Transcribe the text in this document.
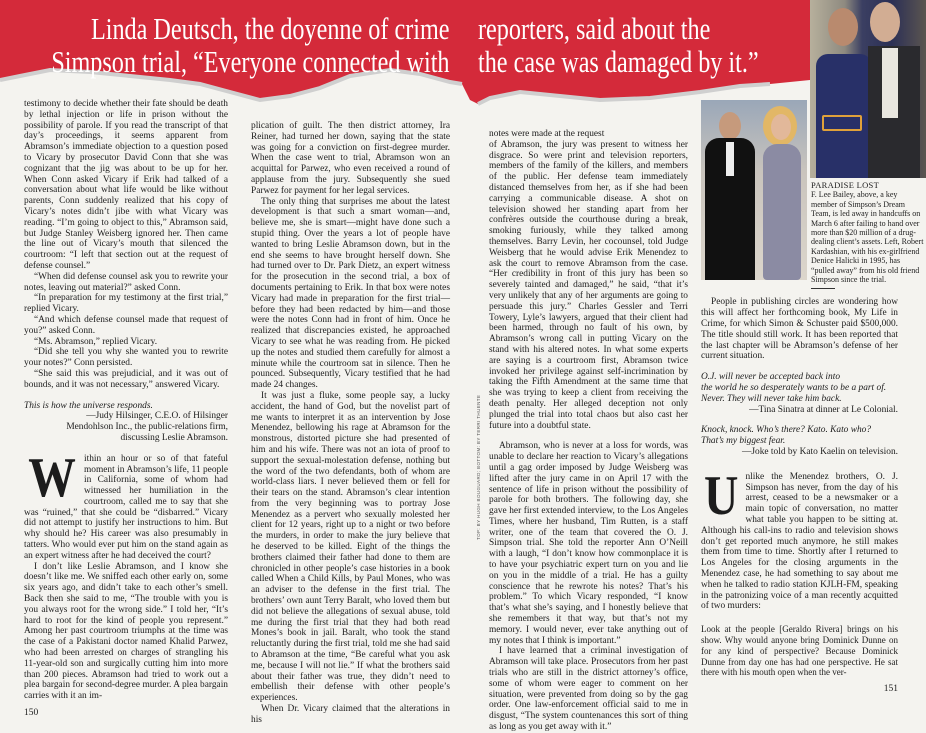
Linda Deutsch, the doyenne of crime
Simpson trial, “Everyone connected with
reporters, said about the
the case was damaged by it.”

testimony to decide whether their fate should be death by lethal injection or life in prison without the possibility of parole. If you read the transcript of that day’s proceedings, it seems apparent from Abramson’s immediate objection to a question posed to Vicary by prosecutor David Conn that she was cognizant that the jig was about to be up for her. When Conn asked Vicary if Erik had talked of a conversation about what life would be like without parents, Conn suddenly realized that his copy of Vicary’s notes didn’t jibe with what Vicary was reading. “I’m going to object to this,” Abramson said, but Judge Stanley Weisberg ignored her. Then came the line out of Vicary’s mouth that silenced the courtroom: “I left that section out at the request of defense counsel.”

“When did defense counsel ask you to rewrite your notes, leaving out material?” asked Conn.

“In preparation for my testimony at the first trial,” replied Vicary.

“And which defense counsel made that request of you?” asked Conn.

“Ms. Abramson,” replied Vicary.

“Did she tell you why she wanted you to rewrite your notes?” Conn persisted.

“She said this was prejudicial, and it was out of bounds, and it was not necessary,” answered Vicary.

This is how the universe responds.

—Judy Hilsinger, C.E.O. of Hilsinger

Mendohlson Inc., the public-relations firm,

discussing Leslie Abramson.

Within an hour or so of that fateful moment in Abramson’s life, 11 people in California, some of whom had witnessed her humiliation in the courtroom, called me to say that she was “ruined,” that she could be “disbarred.” Vicary did not attempt to justify her instructions to him. But why should he? His career was also presumably in tatters. Who would ever put him on the stand again as an expert witness after he had deceived the court?

I don’t like Leslie Abramson, and I know she doesn’t like me. We sniffed each other early on, some six years ago, and didn’t take to each other’s smell. Back then she said to me, “The trouble with you is you always root for the wrong side.” I told her, “It’s hard to root for the kind of people you represent.” Among her past courtroom triumphs at the time was the case of a Pakistani doctor named Khalid Parwez, who had been arrested on charges of strangling his 11-year-old son and surgically cutting him into more than 200 pieces. Abramson had tried to work out a plea bargain for second-degree murder. A plea bargain carries with it an im-

150

plication of guilt. The then district attorney, Ira Reiner, had turned her down, saying that the state was going for a conviction on first-degree murder. When the case went to trial, Abramson won an acquittal for Parwez, who even received a round of applause from the jury. Subsequently she sued Parwez for payment for her legal services.

The only thing that surprises me about the latest development is that such a smart woman—and, believe me, she is smart—might have done such a stupid thing. Over the years a lot of people have wanted to bring Leslie Abramson down, but in the end she seems to have brought herself down. She had turned over to Dr. Park Dietz, an expert witness for the prosecution in the second trial, a box of documents pertaining to Erik. In that box were notes Vicary had made in preparation for the first trial—before they had been redacted by him—and those were the notes Conn had in front of him. Once he realized that discrepancies existed, he approached Vicary to see what he was reading from. He picked up the notes and studied them carefully for almost a minute while the courtroom sat in silence. Then he pounced. Subsequently, Vicary testified that he had made 24 changes.

It was just a fluke, some people say, a lucky accident, the hand of God, but the novelist part of me wants to interpret it as an intervention by Jose Menendez, bellowing his rage at Abramson for the monstrous, distorted picture she had presented of him and his wife. There was not an iota of proof to support the sexual-molestation defense, nothing but the word of the two defendants, both of whom are world-class liars. I never believed them or fell for their tears on the stand. Abramson’s clear intention from the very beginning was to portray Jose Menendez as a pervert who sexually molested her client for 12 years, right up to a night or two before the murders, in order to make the jury believe that he deserved to be killed. Eight of the things the brothers claimed their father had done to them are chronicled in other people’s case histories in a book called When a Child Kills, by Paul Mones, who was an adviser to the defense in the first trial. The brothers’ own aunt Terry Baralt, who loved them but did not believe the allegations of sexual abuse, told me during the first trial that they had both read Mones’s book in jail. Baralt, who took the stand reluctantly during the first trial, told me she had said to Abramson at the time, “Be careful what you ask me, because I will not lie.” If what the brothers said about their father was true, they didn’t need to embellish their defense with other people’s experiences.

When Dr. Vicary claimed that the alterations in his

notes were made at the request

of Abramson, the jury was present to witness her disgrace. So were print and television reporters, members of the family of the killers, and members of the public. Her defense team immediately distanced themselves from her, as if she had been carrying a communicable disease. A shot on television showed her standing apart from her confrères outside the courthouse during a break, smoking furiously, while they talked among themselves. Barry Levin, her cocounsel, told Judge Weisberg that he would advise Erik Menendez to ask the court to remove Abramson from the case. “Her credibility in front of this jury has been so severely tainted and damaged,” he said, “that it’s very unlikely that any of her arguments are going to persuade this jury.” Charles Gessler and Terri Towery, Lyle’s lawyers, argued that their client had been harmed, through no fault of his own, by Abramson’s wrong call in putting Vicary on the stand with his altered notes. In what some experts are saying is a courtroom first, Abramson twice invoked her privilege against self-incrimination by taking the Fifth Amendment at the same time that she was trying to keep a client from receiving the death penalty. Her alleged deception not only plunged the trial into total chaos but also cast her future into a doubtful state.

Abramson, who is never at a loss for words, was unable to declare her reaction to Vicary’s allegations until a gag order imposed by Judge Weisberg was lifted after the jury came in on April 17 with the sentence of life in prison without the possibility of parole for both brothers. The following day, she gave her first extended interview, to the Los Angeles Times, where her husband, Tim Rutten, is a staff writer, one of the team that covered the O. J. Simpson trial. She told the reporter Ann O’Neill with a laugh, “I don’t know how commonplace it is to have your psychiatric expert turn on you and lie on you in the middle of a trial. He has a guilty conscience that he rewrote his notes? That’s his problem.” To which Vicary responded, “I know that’s what she’s saying, and I honestly believe that she remembers it that way, but that’s not my memory. I would never, ever take anything out of my notes that I think is important.”

I have learned that a criminal investigation of Abramson will take place. Prosecutors from her past trials who are still in the district attorney’s office, some of whom were eager to comment on her situation, were prevented from doing so by the gag order. One law-enforcement official said to me in disgust, “The system countenances this sort of thing as long as you get away with it.”

TOP: BY HUGH BOUGUARD; BOTTOM: BY TERRI THUENTE
PARADISE LOST
F. Lee Bailey, above, a key member of Simpson’s Dream Team, is led away in handcuffs on March 6 after failing to hand over more than $20 million of a drug-dealing client’s assets. Left, Robert Kardashian, with his ex-girlfriend Denice Halicki in 1995, has “pulled away” from his old friend Simpson since the trial.

People in publishing circles are wondering how this will affect her forthcoming book, My Life in Crime, for which Simon & Schuster paid $500,000. The title should still work. It has been reported that the last chapter will be Abramson’s defense of her current situation.

O.J. will never be accepted back into

the world he so desperately wants to be a part of.

Never. They will never take him back.

—Tina Sinatra at dinner at Le Colonial.

Knock, knock. Who’s there? Kato. Kato who?

That’s my biggest fear.

—Joke told by Kato Kaelin on television.

Unlike the Menendez brothers, O. J. Simpson has never, from the day of his arrest, ceased to be a newsmaker or a main topic of conversation, no matter what table you happen to be sitting at. Although his call-ins to radio and television shows don’t get reported much anymore, he still makes them from time to time. Shortly after I returned to Los Angeles for the closing arguments in the Menendez case, he had something to say about me when he talked to radio station KJLH-FM, speaking in the patronizing voice of a man recently acquitted of two murders:

Look at the people [Geraldo Rivera] brings on his show. Why would anyone bring Dominick Dunne on for any kind of perspective? Because Dominick Dunne from day one has had one perspective. He sat there with his mouth open when the ver-

151
